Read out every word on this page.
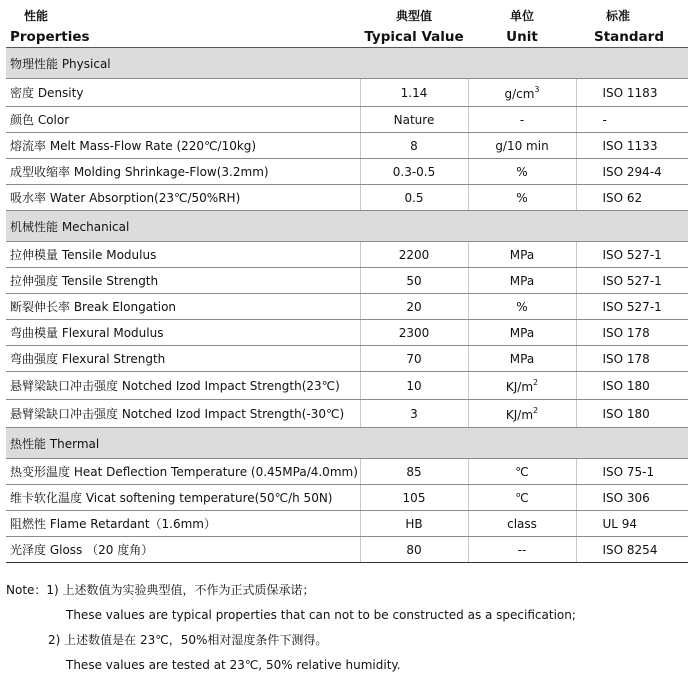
性能	典型值	单位	标准
Properties	Typical Value	Unit	Standard
物理性能 Physical			
密度 Density	1.14	$g/cm^3$	ISO 1183
颜色 Color	Nature	-	-
熔流率 Melt Mass-Flow Rate (220℃/10kg)	8	g/10 min	ISO 1133
成型收缩率 Molding Shrinkage-Flow(3.2mm)	0.3-0.5	%	ISO 294-4
吸水率 Water Absorption(23℃/50%RH)	0.5	%	ISO 62
机械性能 Mechanical			
拉伸模量 Tensile Modulus	2200	MPa	ISO 527-1
拉伸强度 Tensile Strength	50	MPa	ISO 527-1
断裂伸长率 Break Elongation	20	%	ISO 527-1
弯曲模量 Flexural Modulus	2300	MPa	ISO 178
弯曲强度 Flexural Strength	70	MPa	ISO 178
悬臂梁缺口冲击强度 Notched Izod Impact Strength(23℃)	10	$KJ/m^2$	ISO 180
悬臂梁缺口冲击强度 Notched Izod Impact Strength(-30℃)	3	$KJ/m^2$	ISO 180
热性能 Thermal			
热变形温度 Heat Deflection Temperature (0.45MPa/4.0mm)	85	℃	ISO 75-1
维卡软化温度 Vicat softening temperature(50℃/h 50N)	105	℃	ISO 306
阻燃性 Flame Retardant（1.6mm）	HB	class	UL 94
光泽度 Gloss （20 度角）	80	--	ISO 8254
Note：1) 上述数值为实验典型值，不作为正式质保承诺；
These values are typical properties that can not to be constructed as a specification;
2) 上述数值是在 23℃，50%相对湿度条件下测得。
These values are tested at 23℃, 50% relative humidity.
